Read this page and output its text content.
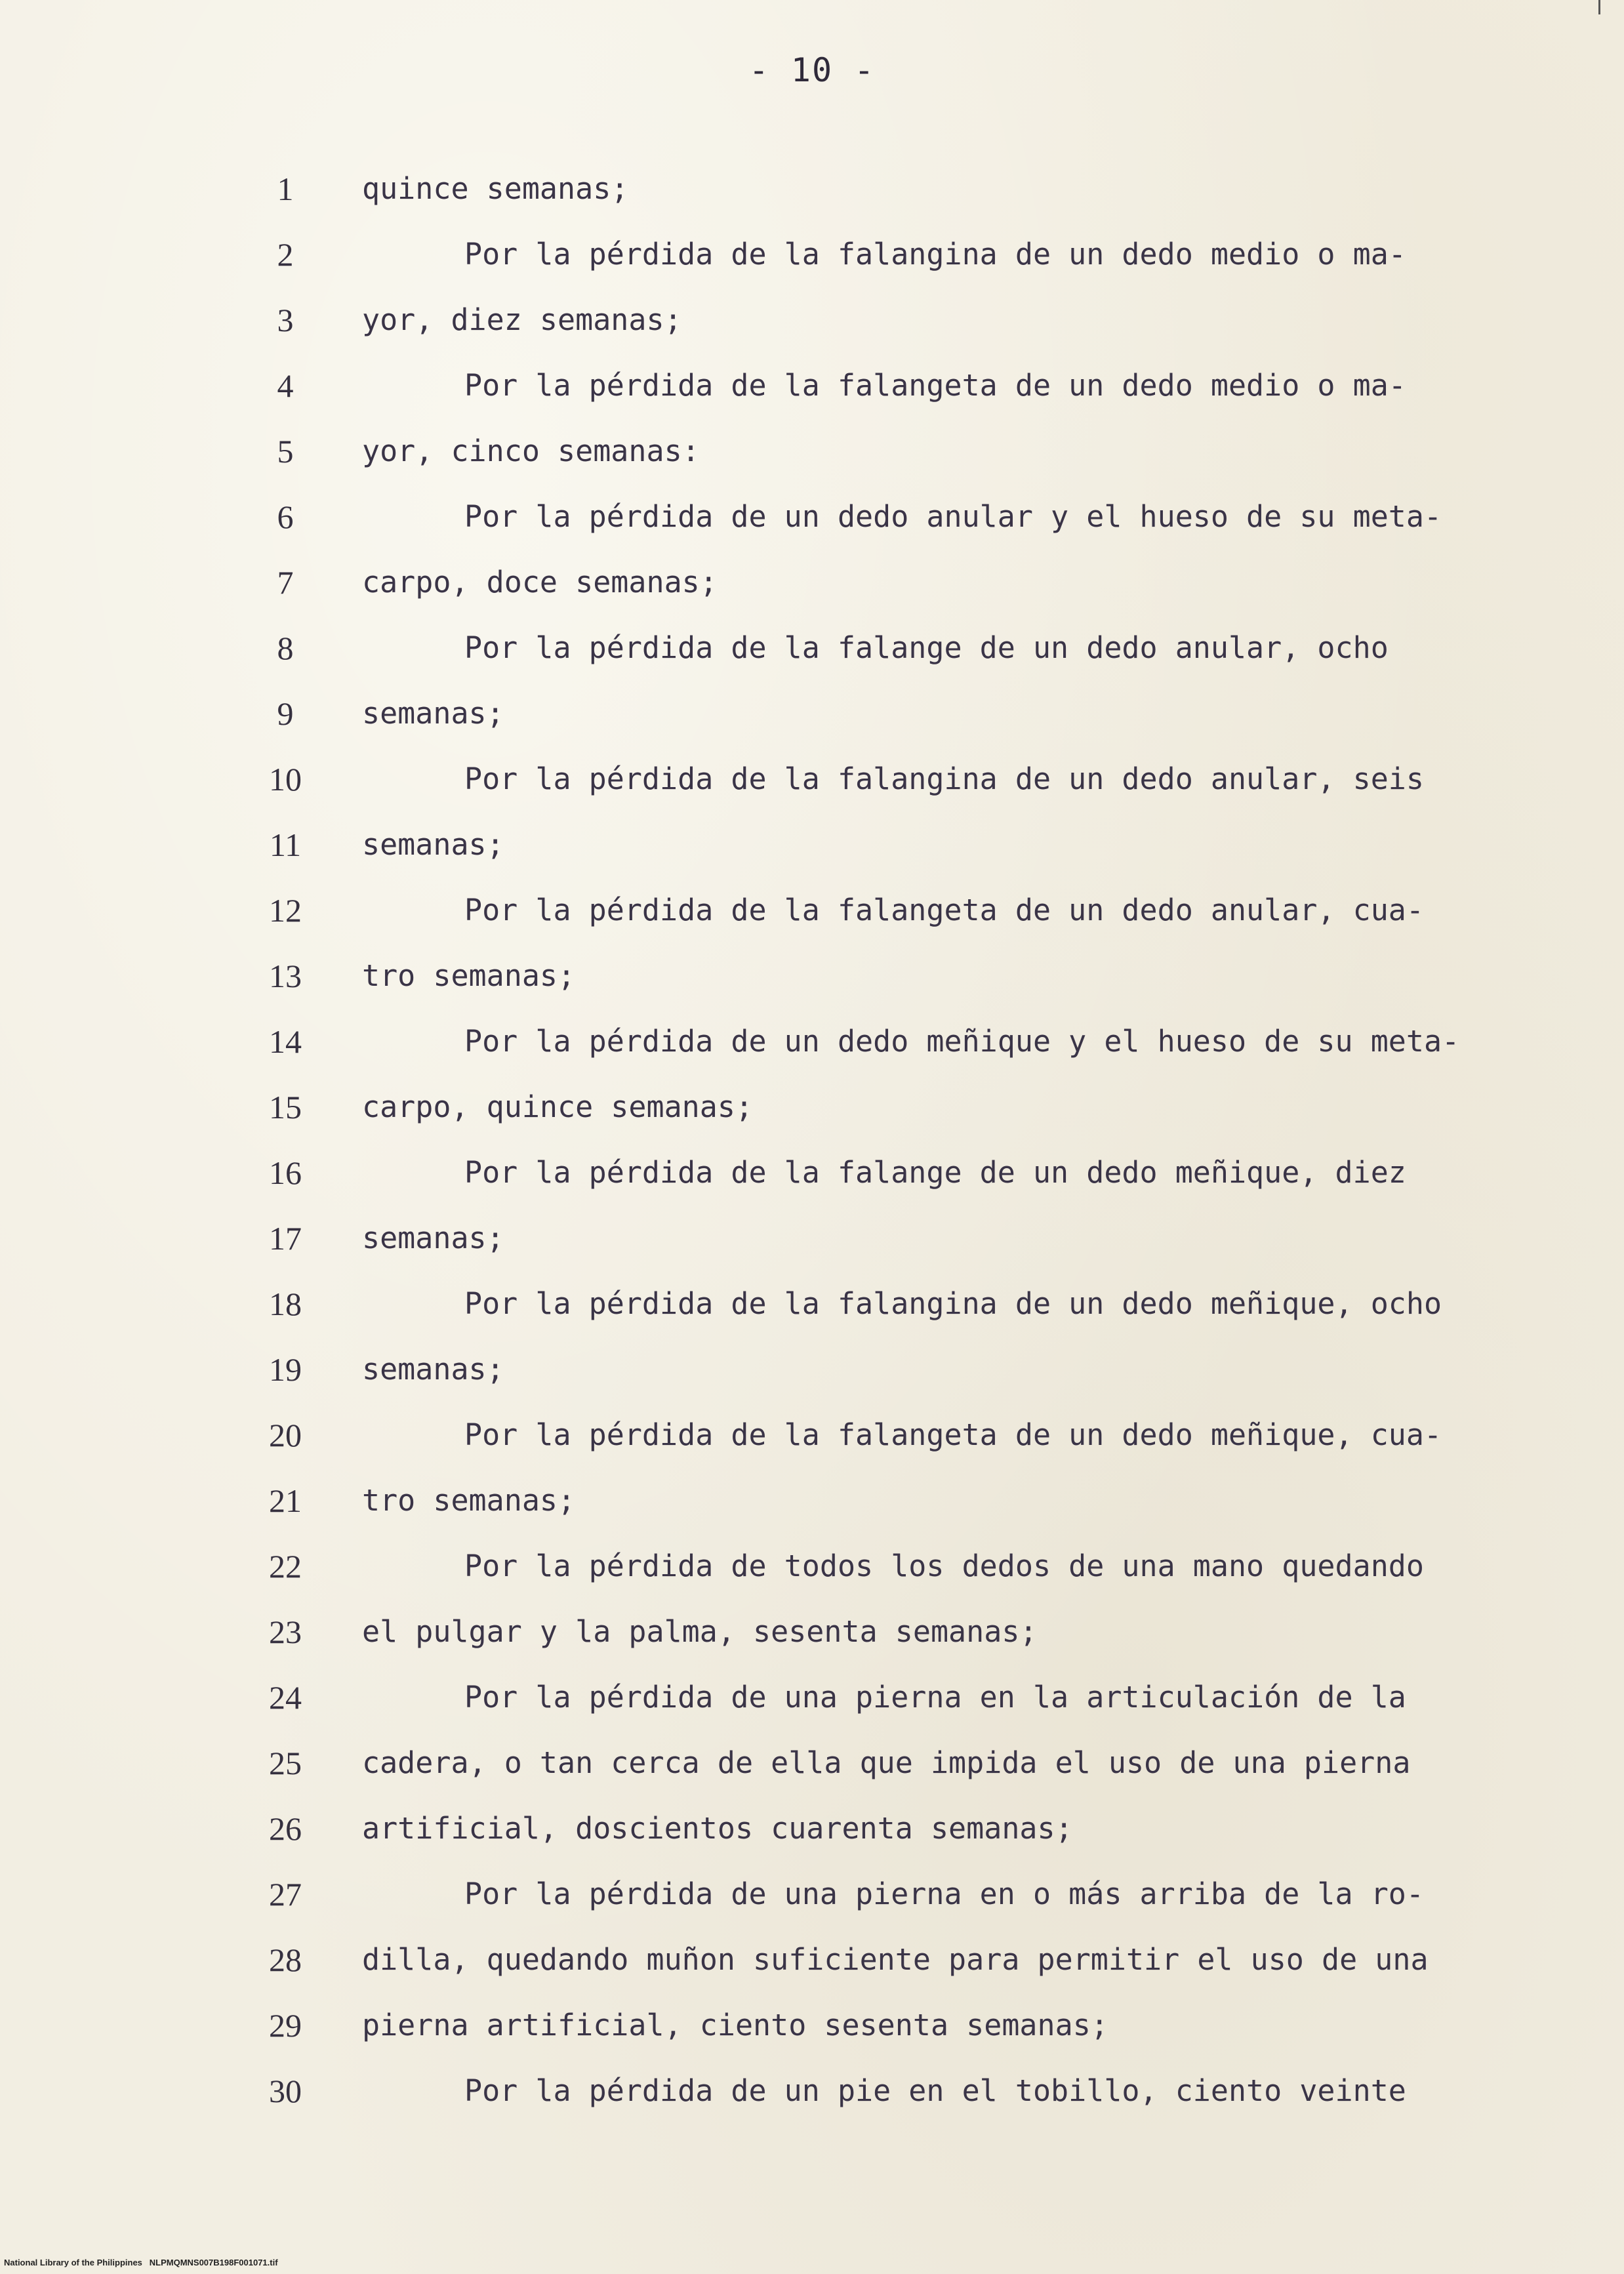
- 10 -
1	quince semanas;
2	Por la pérdida de la falangina de un dedo medio o ma-
3	yor, diez semanas;
4	Por la pérdida de la falangeta de un dedo medio o ma-
5	yor, cinco semanas:
6	Por la pérdida de un dedo anular y el hueso de su meta-
7	carpo, doce semanas;
8	Por la pérdida de la falange de un dedo anular, ocho
9	semanas;
10	Por la pérdida de la falangina de un dedo anular, seis
11	semanas;
12	Por la pérdida de la falangeta de un dedo anular, cua-
13	tro semanas;
14	Por la pérdida de un dedo meñique y el hueso de su meta-
15	carpo, quince semanas;
16	Por la pérdida de la falange de un dedo meñique, diez
17	semanas;
18	Por la pérdida de la falangina de un dedo meñique, ocho
19	semanas;
20	Por la pérdida de la falangeta de un dedo meñique, cua-
21	tro semanas;
22	Por la pérdida de todos los dedos de una mano quedando
23	el pulgar y la palma, sesenta semanas;
24	Por la pérdida de una pierna en la articulación de la
25	cadera, o tan cerca de ella que impida el uso de una pierna
26	artificial, doscientos cuarenta semanas;
27	Por la pérdida de una pierna en o más arriba de la ro-
28	dilla, quedando muñon suficiente para permitir el uso de una
29	pierna artificial, ciento sesenta semanas;
30	Por la pérdida de un pie en el tobillo, ciento veinte
National Library of the Philippines   NLPMQMNS007B198F001071.tif
